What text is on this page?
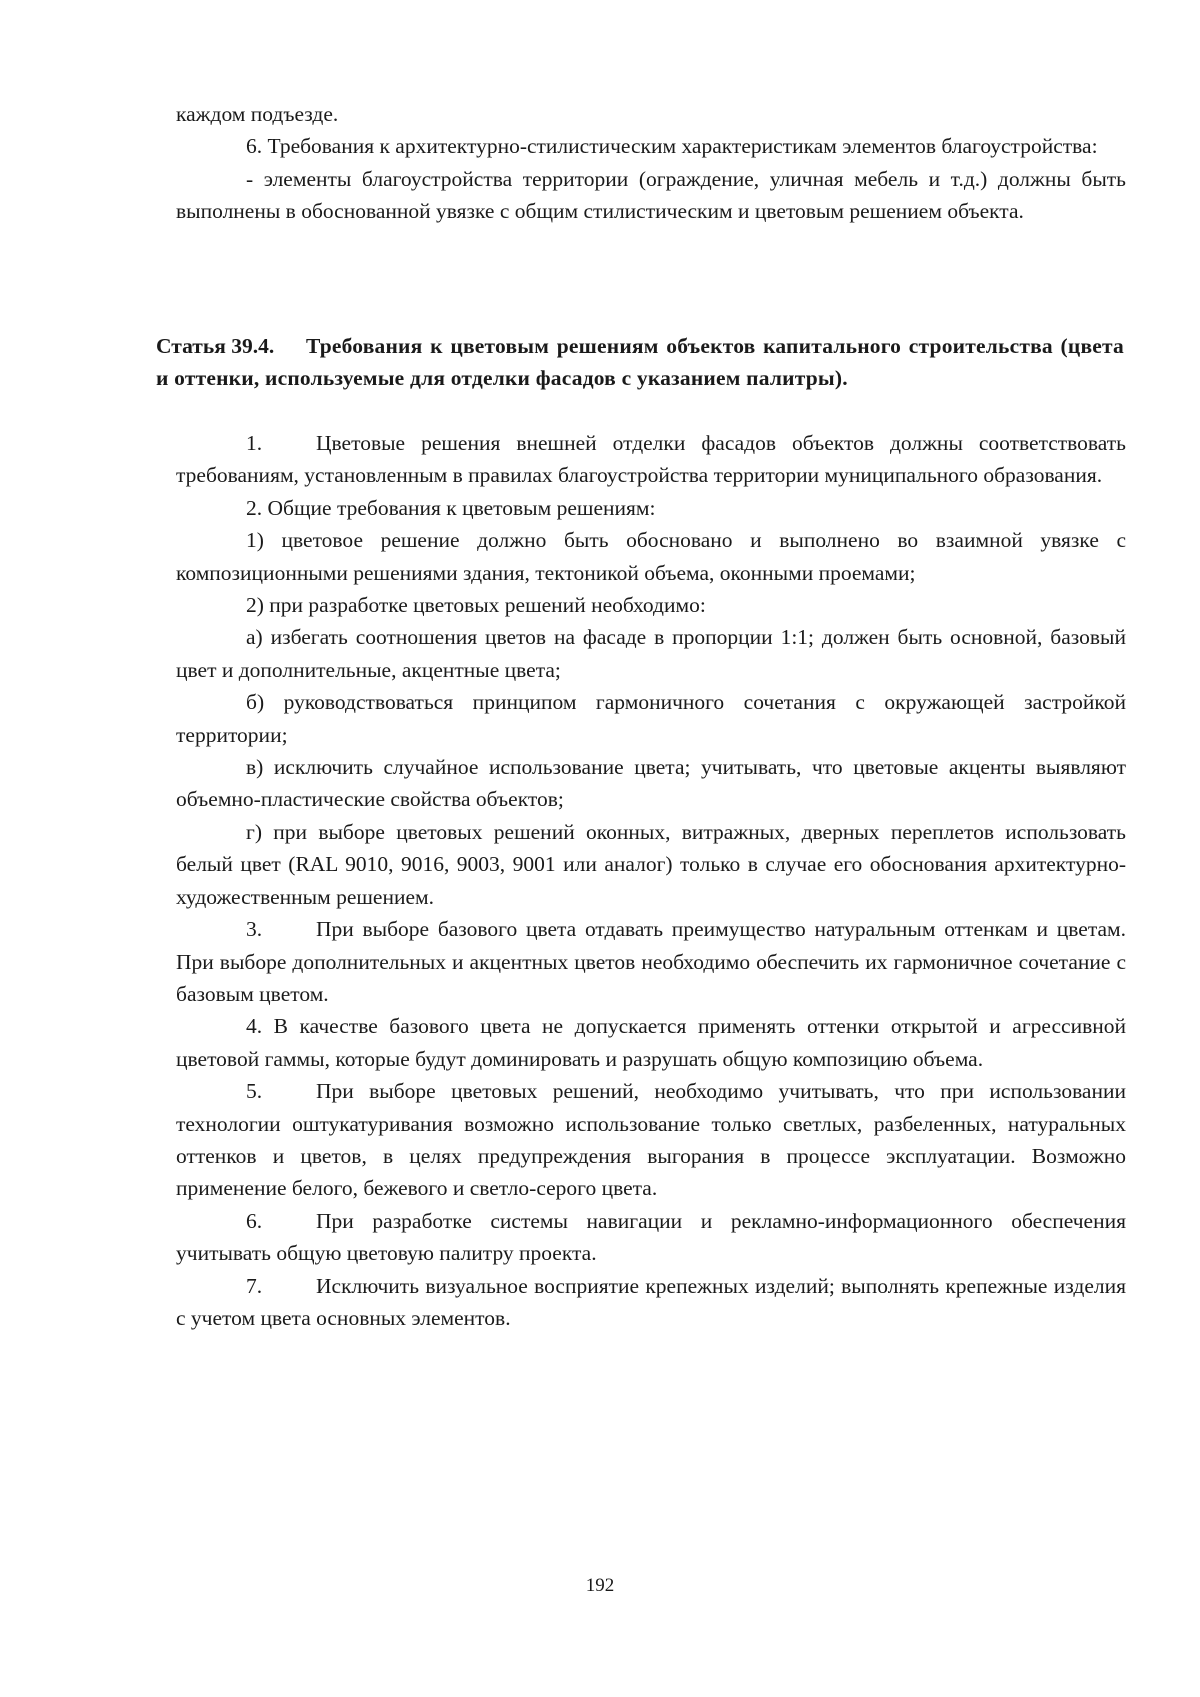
каждом подъезде.

6. Требования к архитектурно-стилистическим характеристикам элементов благоустройства:

- элементы благоустройства территории (ограждение, уличная мебель и т.д.) должны быть выполнены в обоснованной увязке с общим стилистическим и цветовым решением объекта.

Статья 39.4. Требования к цветовым решениям объектов капитального строительства (цвета и оттенки, используемые для отделки фасадов с указанием палитры).

1.	Цветовые решения внешней отделки фасадов объектов должны соответствовать требованиям, установленным в правилах благоустройства территории муниципального образования.

2. Общие требования к цветовым решениям:

1) цветовое решение должно быть обосновано и выполнено во взаимной увязке с композиционными решениями здания, тектоникой объема, оконными проемами;

2) при разработке цветовых решений необходимо:

а) избегать соотношения цветов на фасаде в пропорции 1:1; должен быть основной, базовый цвет и дополнительные, акцентные цвета;

б) руководствоваться принципом гармоничного сочетания с окружающей застройкой территории;

в) исключить случайное использование цвета; учитывать, что цветовые акценты выявляют объемно-пластические свойства объектов;

г) при выборе цветовых решений оконных, витражных, дверных переплетов использовать белый цвет (RAL 9010, 9016, 9003, 9001 или аналог) только в случае его обоснования архитектурно-художественным решением.

3.	При выборе базового цвета отдавать преимущество натуральным оттенкам и цветам. При выборе дополнительных и акцентных цветов необходимо обеспечить их гармоничное сочетание с базовым цветом.

4. В качестве базового цвета не допускается применять оттенки открытой и агрессивной цветовой гаммы, которые будут доминировать и разрушать общую композицию объема.

5.	При выборе цветовых решений, необходимо учитывать, что при использовании технологии оштукатуривания возможно использование только светлых, разбеленных, натуральных оттенков и цветов, в целях предупреждения выгорания в процессе эксплуатации. Возможно применение белого, бежевого и светло-серого цвета.

6.	При разработке системы навигации и рекламно-информационного обеспечения учитывать общую цветовую палитру проекта.

7.	Исключить визуальное восприятие крепежных изделий; выполнять крепежные изделия с учетом цвета основных элементов.

192
